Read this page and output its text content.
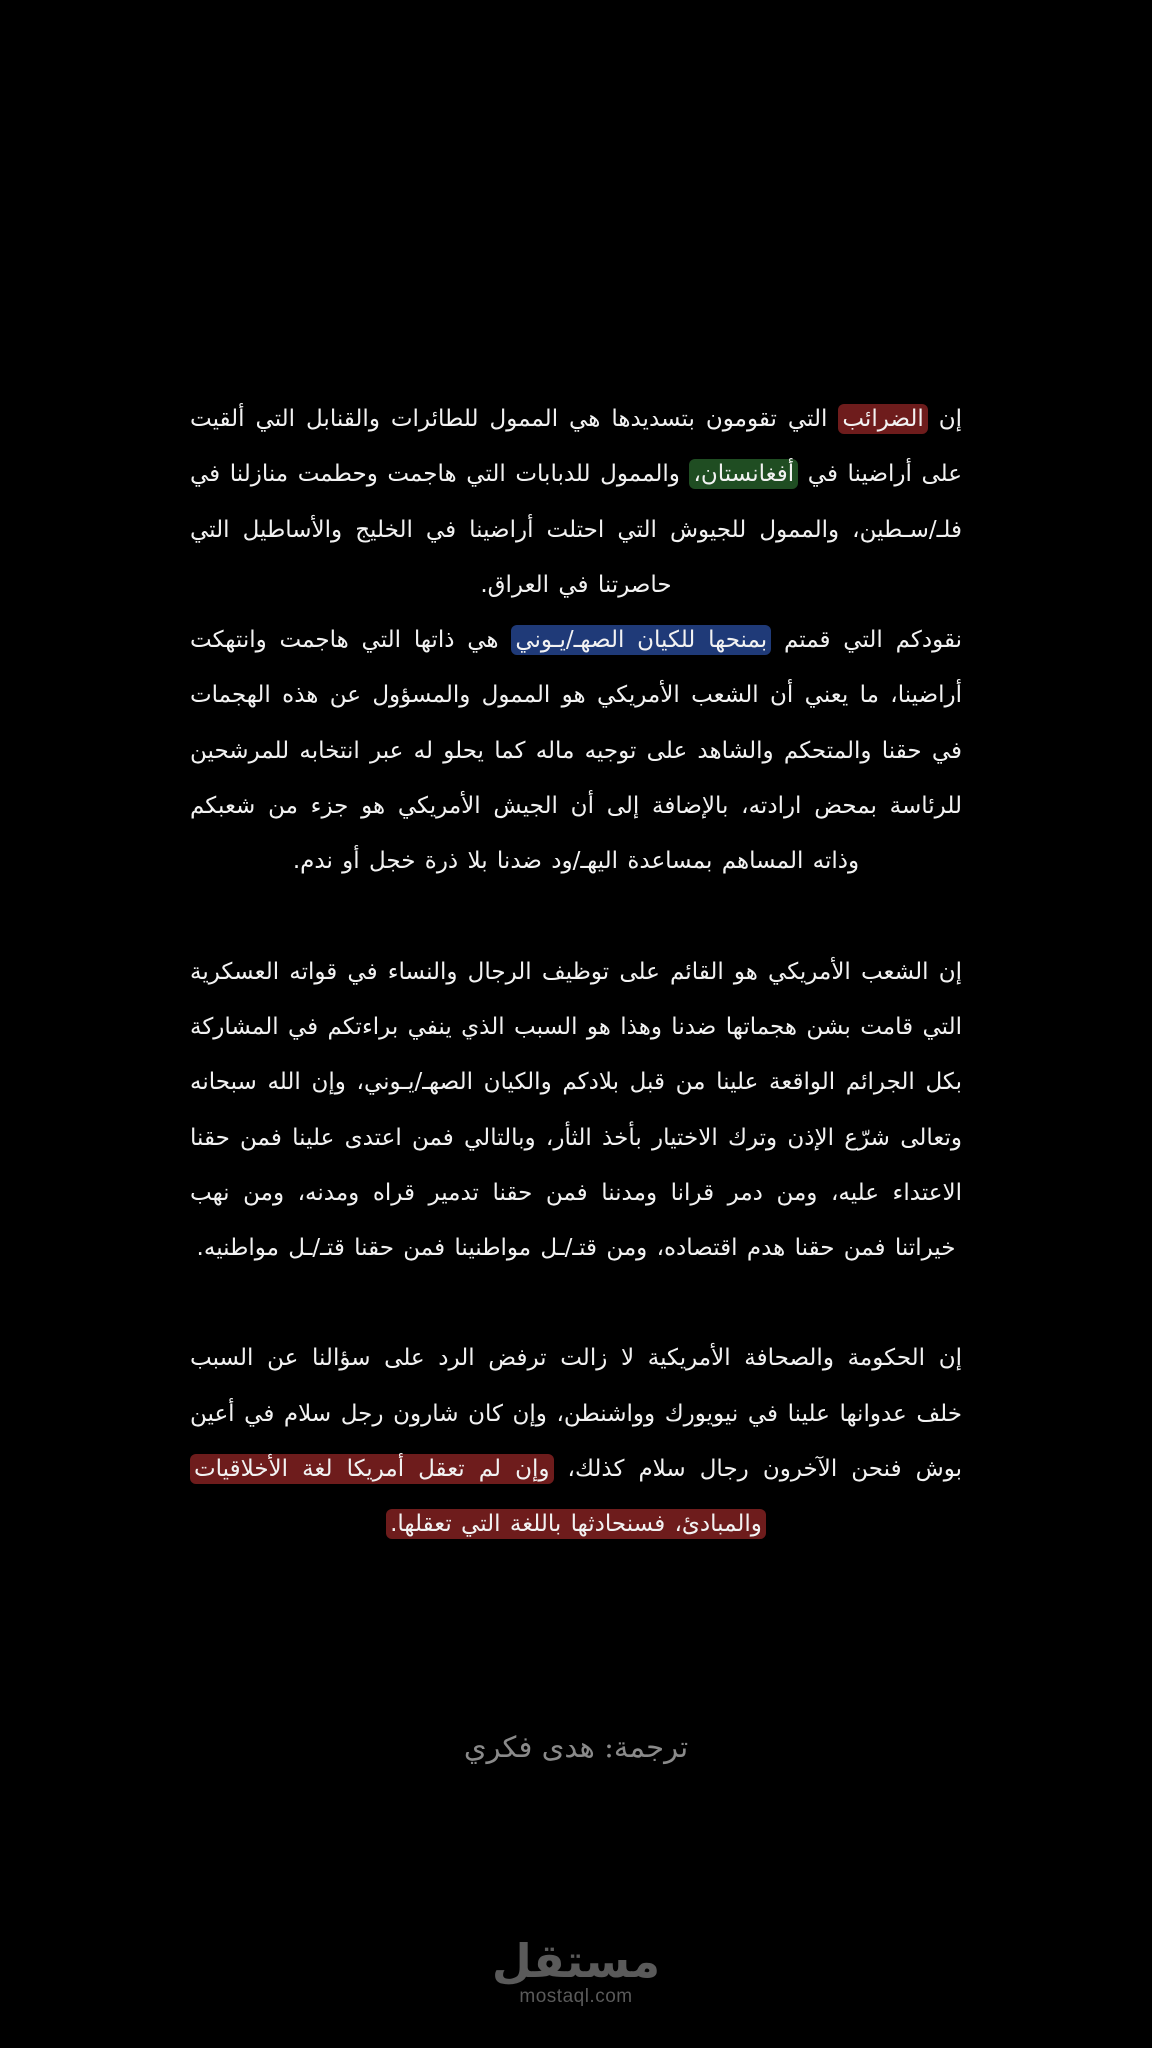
إن الضرائب التي تقومون بتسديدها هي الممول للطائرات والقنابل التي ألقيت على أراضينا في أفغانستان، والممول للدبابات التي هاجمت وحطمت منازلنا في فلـ/سـطين، والممول للجيوش التي احتلت أراضينا في الخليج والأساطيل التي حاصرتنا في العراق.

نقودكم التي قمتم بمنحها للكيان الصهـ/يـوني هي ذاتها التي هاجمت وانتهكت أراضينا، ما يعني أن الشعب الأمريكي هو الممول والمسؤول عن هذه الهجمات في حقنا والمتحكم والشاهد على توجيه ماله كما يحلو له عبر انتخابه للمرشحين للرئاسة بمحض ارادته، بالإضافة إلى أن الجيش الأمريكي هو جزء من شعبكم وذاته المساهم بمساعدة اليهـ/ود ضدنا بلا ذرة خجل أو ندم.

إن الشعب الأمريكي هو القائم على توظيف الرجال والنساء في قواته العسكرية التي قامت بشن هجماتها ضدنا وهذا هو السبب الذي ينفي براءتكم في المشاركة بكل الجرائم الواقعة علينا من قبل بلادكم والكيان الصهـ/يـوني، وإن الله سبحانه وتعالى شرّع الإذن وترك الاختيار بأخذ الثأر، وبالتالي فمن اعتدى علينا فمن حقنا الاعتداء عليه، ومن دمر قرانا ومدننا فمن حقنا تدمير قراه ومدنه، ومن نهب خيراتنا فمن حقنا هدم اقتصاده، ومن قتـ/ـل مواطنينا فمن حقنا قتـ/ـل مواطنيه.

إن الحكومة والصحافة الأمريكية لا زالت ترفض الرد على سؤالنا عن السبب خلف عدوانها علينا في نيويورك وواشنطن، وإن كان شارون رجل سلام في أعين بوش فنحن الآخرون رجال سلام كذلك، وإن لم تعقل أمريكا لغة الأخلاقيات والمبادئ، فسنحادثها باللغة التي تعقلها.

ترجمة: هدى فكري
مستقل
mostaql.com
